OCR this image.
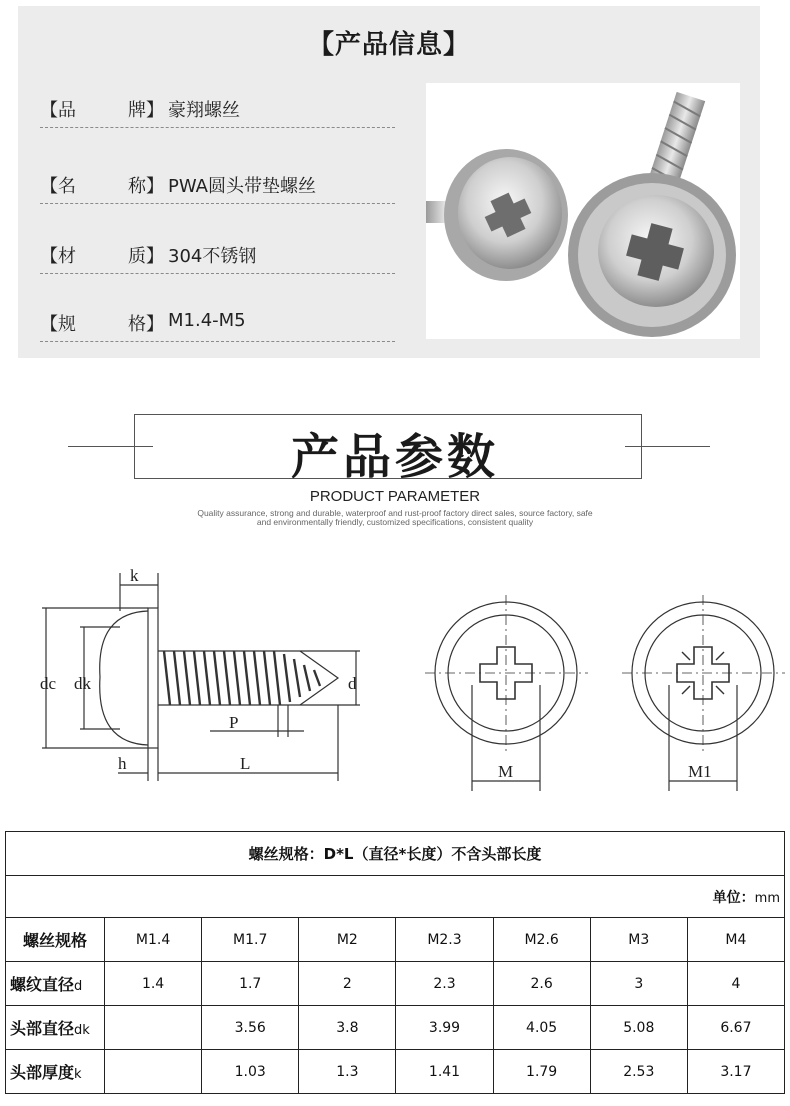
【产品信息】
【品牌】 豪翔螺丝
【名称】 PWA圆头带垫螺丝
【材质】 304不锈钢
【规格】 M1.4-M5
产品参数
PRODUCT PARAMETER
Quality assurance, strong and durable, waterproof and rust-proof factory direct sales, source factory, safe
and environmentally friendly, customized specifications, consistent quality
k
dc dk	d
P
h	L	M	M1
螺丝规格：D*L（直径*长度）不含头部长度							
单位：mm							
螺丝规格	M1.4	M1.7	M2	M2.3	M2.6	M3	M4
螺纹直径d	1.4	1.7	2	2.3	2.6	3	4
头部直径dk		3.56	3.8	3.99	4.05	5.08	6.67
头部厚度k		1.03	1.3	1.41	1.79	2.53	3.17
